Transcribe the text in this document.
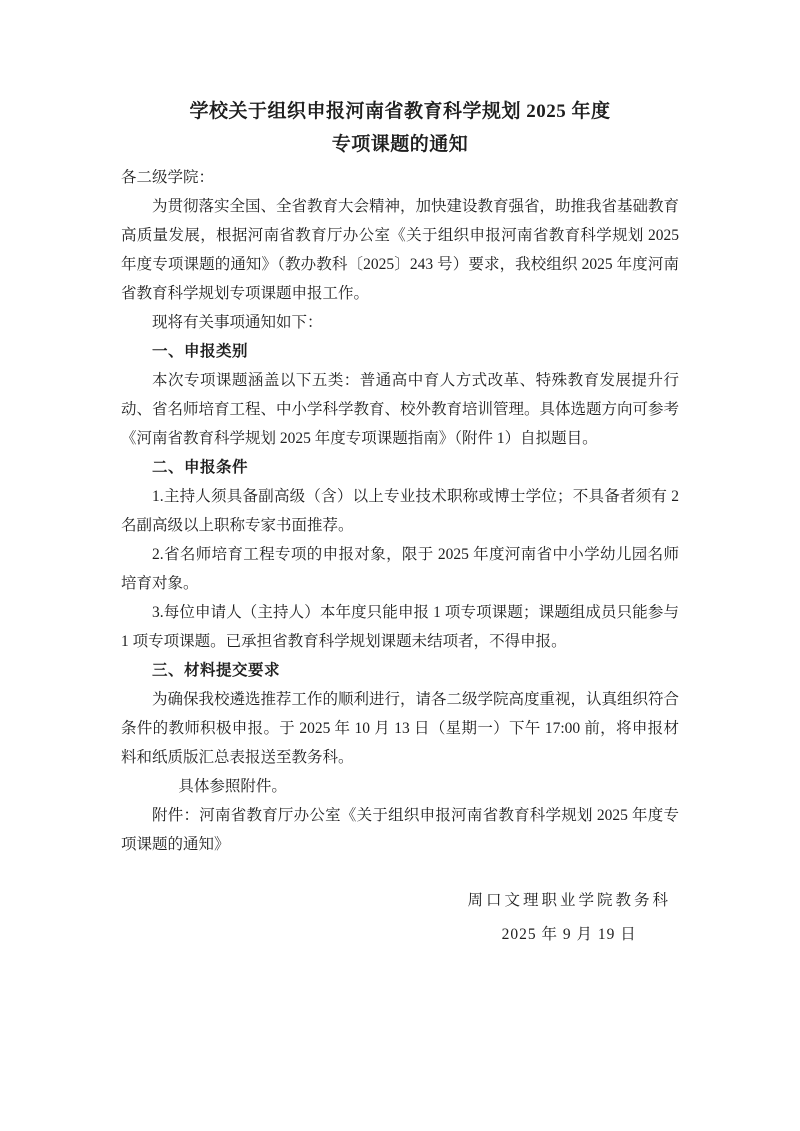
学校关于组织申报河南省教育科学规划 2025 年度
专项课题的通知

各二级学院：

为贯彻落实全国、全省教育大会精神，加快建设教育强省，助推我省基础教育高质量发展，根据河南省教育厅办公室《关于组织申报河南省教育科学规划 2025 年度专项课题的通知》（教办教科〔2025〕243 号）要求，我校组织 2025 年度河南省教育科学规划专项课题申报工作。

现将有关事项通知如下：

一、申报类别

本次专项课题涵盖以下五类：普通高中育人方式改革、特殊教育发展提升行动、省名师培育工程、中小学科学教育、校外教育培训管理。具体选题方向可参考《河南省教育科学规划 2025 年度专项课题指南》（附件 1）自拟题目。

二、申报条件

1.主持人须具备副高级（含）以上专业技术职称或博士学位；不具备者须有 2 名副高级以上职称专家书面推荐。

2.省名师培育工程专项的申报对象，限于 2025 年度河南省中小学幼儿园名师培育对象。

3.每位申请人（主持人）本年度只能申报 1 项专项课题；课题组成员只能参与 1 项专项课题。已承担省教育科学规划课题未结项者，不得申报。

三、材料提交要求

为确保我校遴选推荐工作的顺利进行，请各二级学院高度重视，认真组织符合条件的教师积极申报。于 2025 年 10 月 13 日（星期一）下午 17:00 前，将申报材料和纸质版汇总表报送至教务科。

具体参照附件。

附件：河南省教育厅办公室《关于组织申报河南省教育科学规划 2025 年度专项课题的通知》

周口文理职业学院教务科
2025 年 9 月 19 日
